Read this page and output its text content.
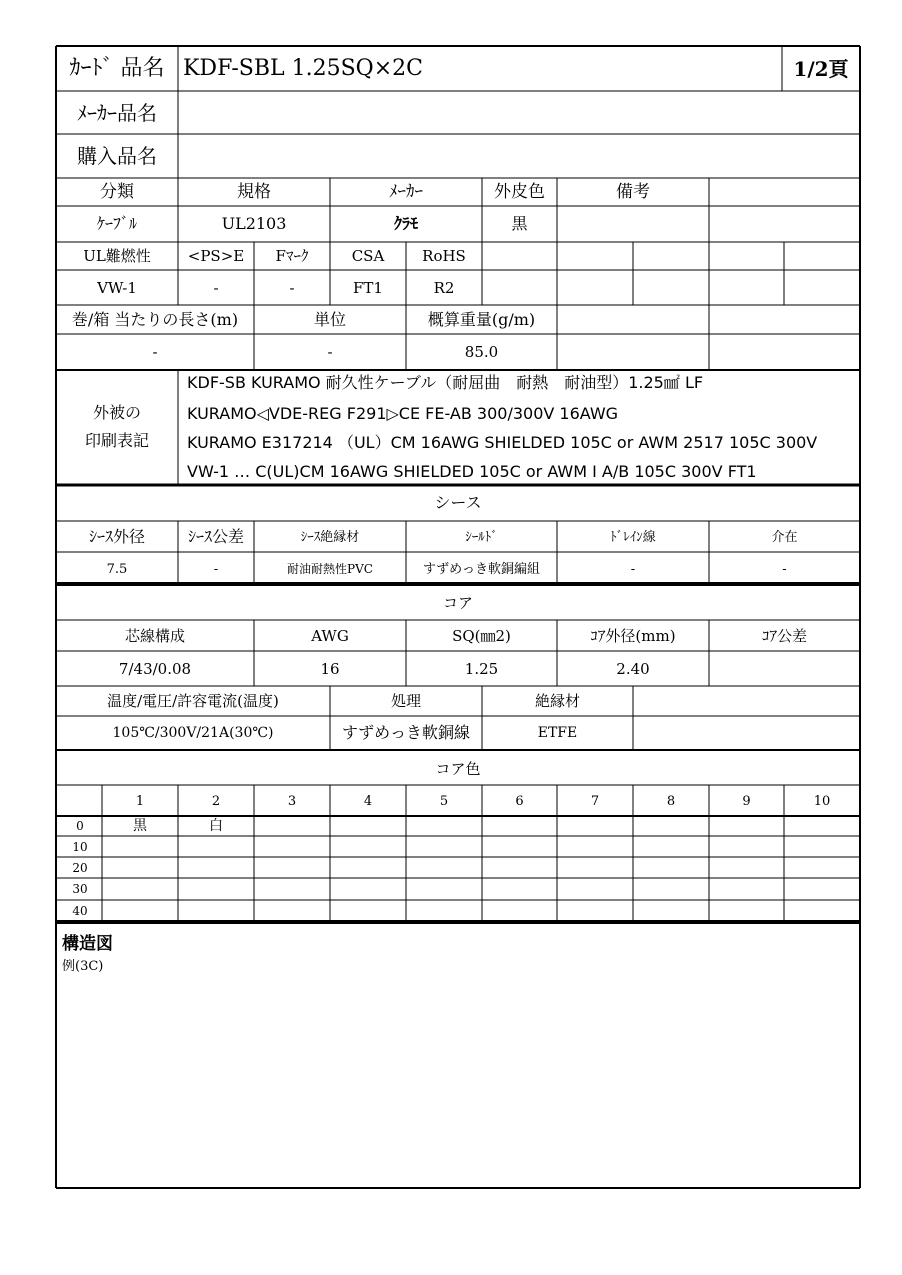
ｶｰﾄﾞ 品名 KDF-SBL 1.25SQ×2C	1/2頁
ﾒｰｶｰ品名
購入品名
分類	規格	ﾒｰｶｰ	外皮色	備考
ｹｰﾌﾞﾙ	UL2103	ｸﾗﾓ	黒
UL難燃性	<PS>E	Fﾏｰｸ	CSA	RoHS
VW-1	-	-	FT1	R2
巻/箱 当たりの長さ(m)	単位	概算重量(g/m)
-	-	85.0
外被の
印刷表記
KDF-SB KURAMO 耐久性ケーブル（耐屈曲　耐熱　耐油型）1.25㎟ LF
KURAMO◁VDE-REG F291▷CE FE-AB 300/300V 16AWG
KURAMO E317214 （UL）CM 16AWG SHIELDED 105C or AWM 2517 105C 300V
VW-1 … C(UL)CM 16AWG SHIELDED 105C or AWM Ⅰ A/B 105C 300V FT1
シース
ｼｰｽ外径	ｼｰｽ公差	ｼｰｽ絶縁材	ｼｰﾙﾄﾞ	ﾄﾞﾚｲﾝ線	介在
7.5	-	耐油耐熱性PVC	すずめっき軟銅編組	-	-
コア
芯線構成	AWG	SQ(㎜2)	ｺｱ外径(mm)	ｺｱ公差
7/43/0.08	16	1.25	2.40
温度/電圧/許容電流(温度)	処理	絶縁材
105℃/300V/21A(30℃)	すずめっき軟銅線	ETFE
コア色
1	2	3	4	5	6	7	8	9	10
0	黒	白
10
20
30
40
構造図
例(3C)
